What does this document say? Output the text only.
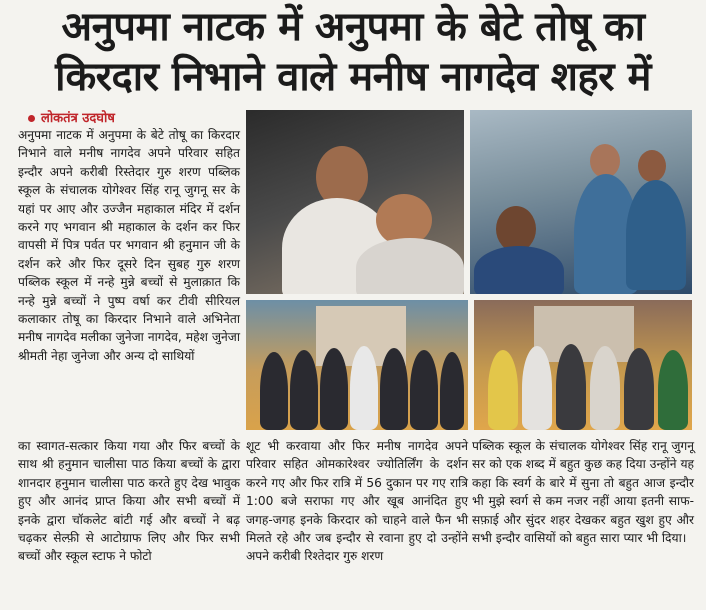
अनुपमा नाटक में अनुपमा के बेटे तोषू का
किरदार निभाने वाले मनीष नागदेव शहर में
लोकतंत्र उदघोष

अनुपमा नाटक में अनुपमा के बेटे तोषू का किरदार निभाने वाले मनीष नागदेव अपने परिवार सहित इन्दौर अपने करीबी रिस्तेदार गुरु शरण पब्लिक स्कूल के संचालक योगेश्वर सिंह रानू जुगनू सर के यहां पर आए और उज्जैन महाकाल मंदिर में दर्शन करने गए भगवान श्री महाकाल के दर्शन कर फिर वापसी में पित्र पर्वत पर भगवान श्री हनुमान जी के दर्शन करे और फिर दूसरे दिन सुबह गुरु शरण पब्लिक स्कूल में नन्हे मुन्ने बच्चों से मुलाक़ात कि नन्हे मुन्ने बच्चों ने पुष्प वर्षा कर टीवी सीरियल कलाकार तोषू का किरदार निभाने वाले अभिनेता मनीष नागदेव मलीका जुनेजा नागदेव, महेश जुनेजा श्रीमती नेहा जुनेजा और अन्य दो साथियों

का स्वागत-सत्कार किया गया और फिर बच्चों के साथ श्री हनुमान चालीसा पाठ किया बच्चों के द्वारा शानदार हनुमान चालीसा पाठ करते हुए देख भावुक हुए और आनंद प्राप्त किया और सभी बच्चों में इनके द्वारा चॉकलेट बांटी गई और बच्चों ने बढ़ चढ़कर सेल्फ़ी से आटोग्राफ लिए और फिर सभी बच्चों और स्कूल स्टाफ ने फोटो

शूट भी करवाया और फिर मनीष नागदेव अपने परिवार सहित ओमकारेश्वर ज्योतिर्लिंग के दर्शन करने गए और फिर रात्रि में 56 दुकान पर गए रात्रि 1:00 बजे सराफा गए और खूब आनंदित हुए जगह-जगह इनके किरदार को चाहने वाले फैन भी मिलते रहे और जब इन्दौर से रवाना हुए दो उन्होंने अपने करीबी रिश्तेदार गुरु शरण

पब्लिक स्कूल के संचालक योगेश्वर सिंह रानू जुगनू सर को एक शब्द में बहुत कुछ कह दिया उन्होंने यह कहा कि स्वर्ग के बारे में सुना तो बहुत आज इन्दौर भी मुझे स्वर्ग से कम नजर नहीं आया इतनी साफ-सफ़ाई और सुंदर शहर देखकर बहुत खुश हुए और सभी इन्दौर वासियों को बहुत सारा प्यार भी दिया।
